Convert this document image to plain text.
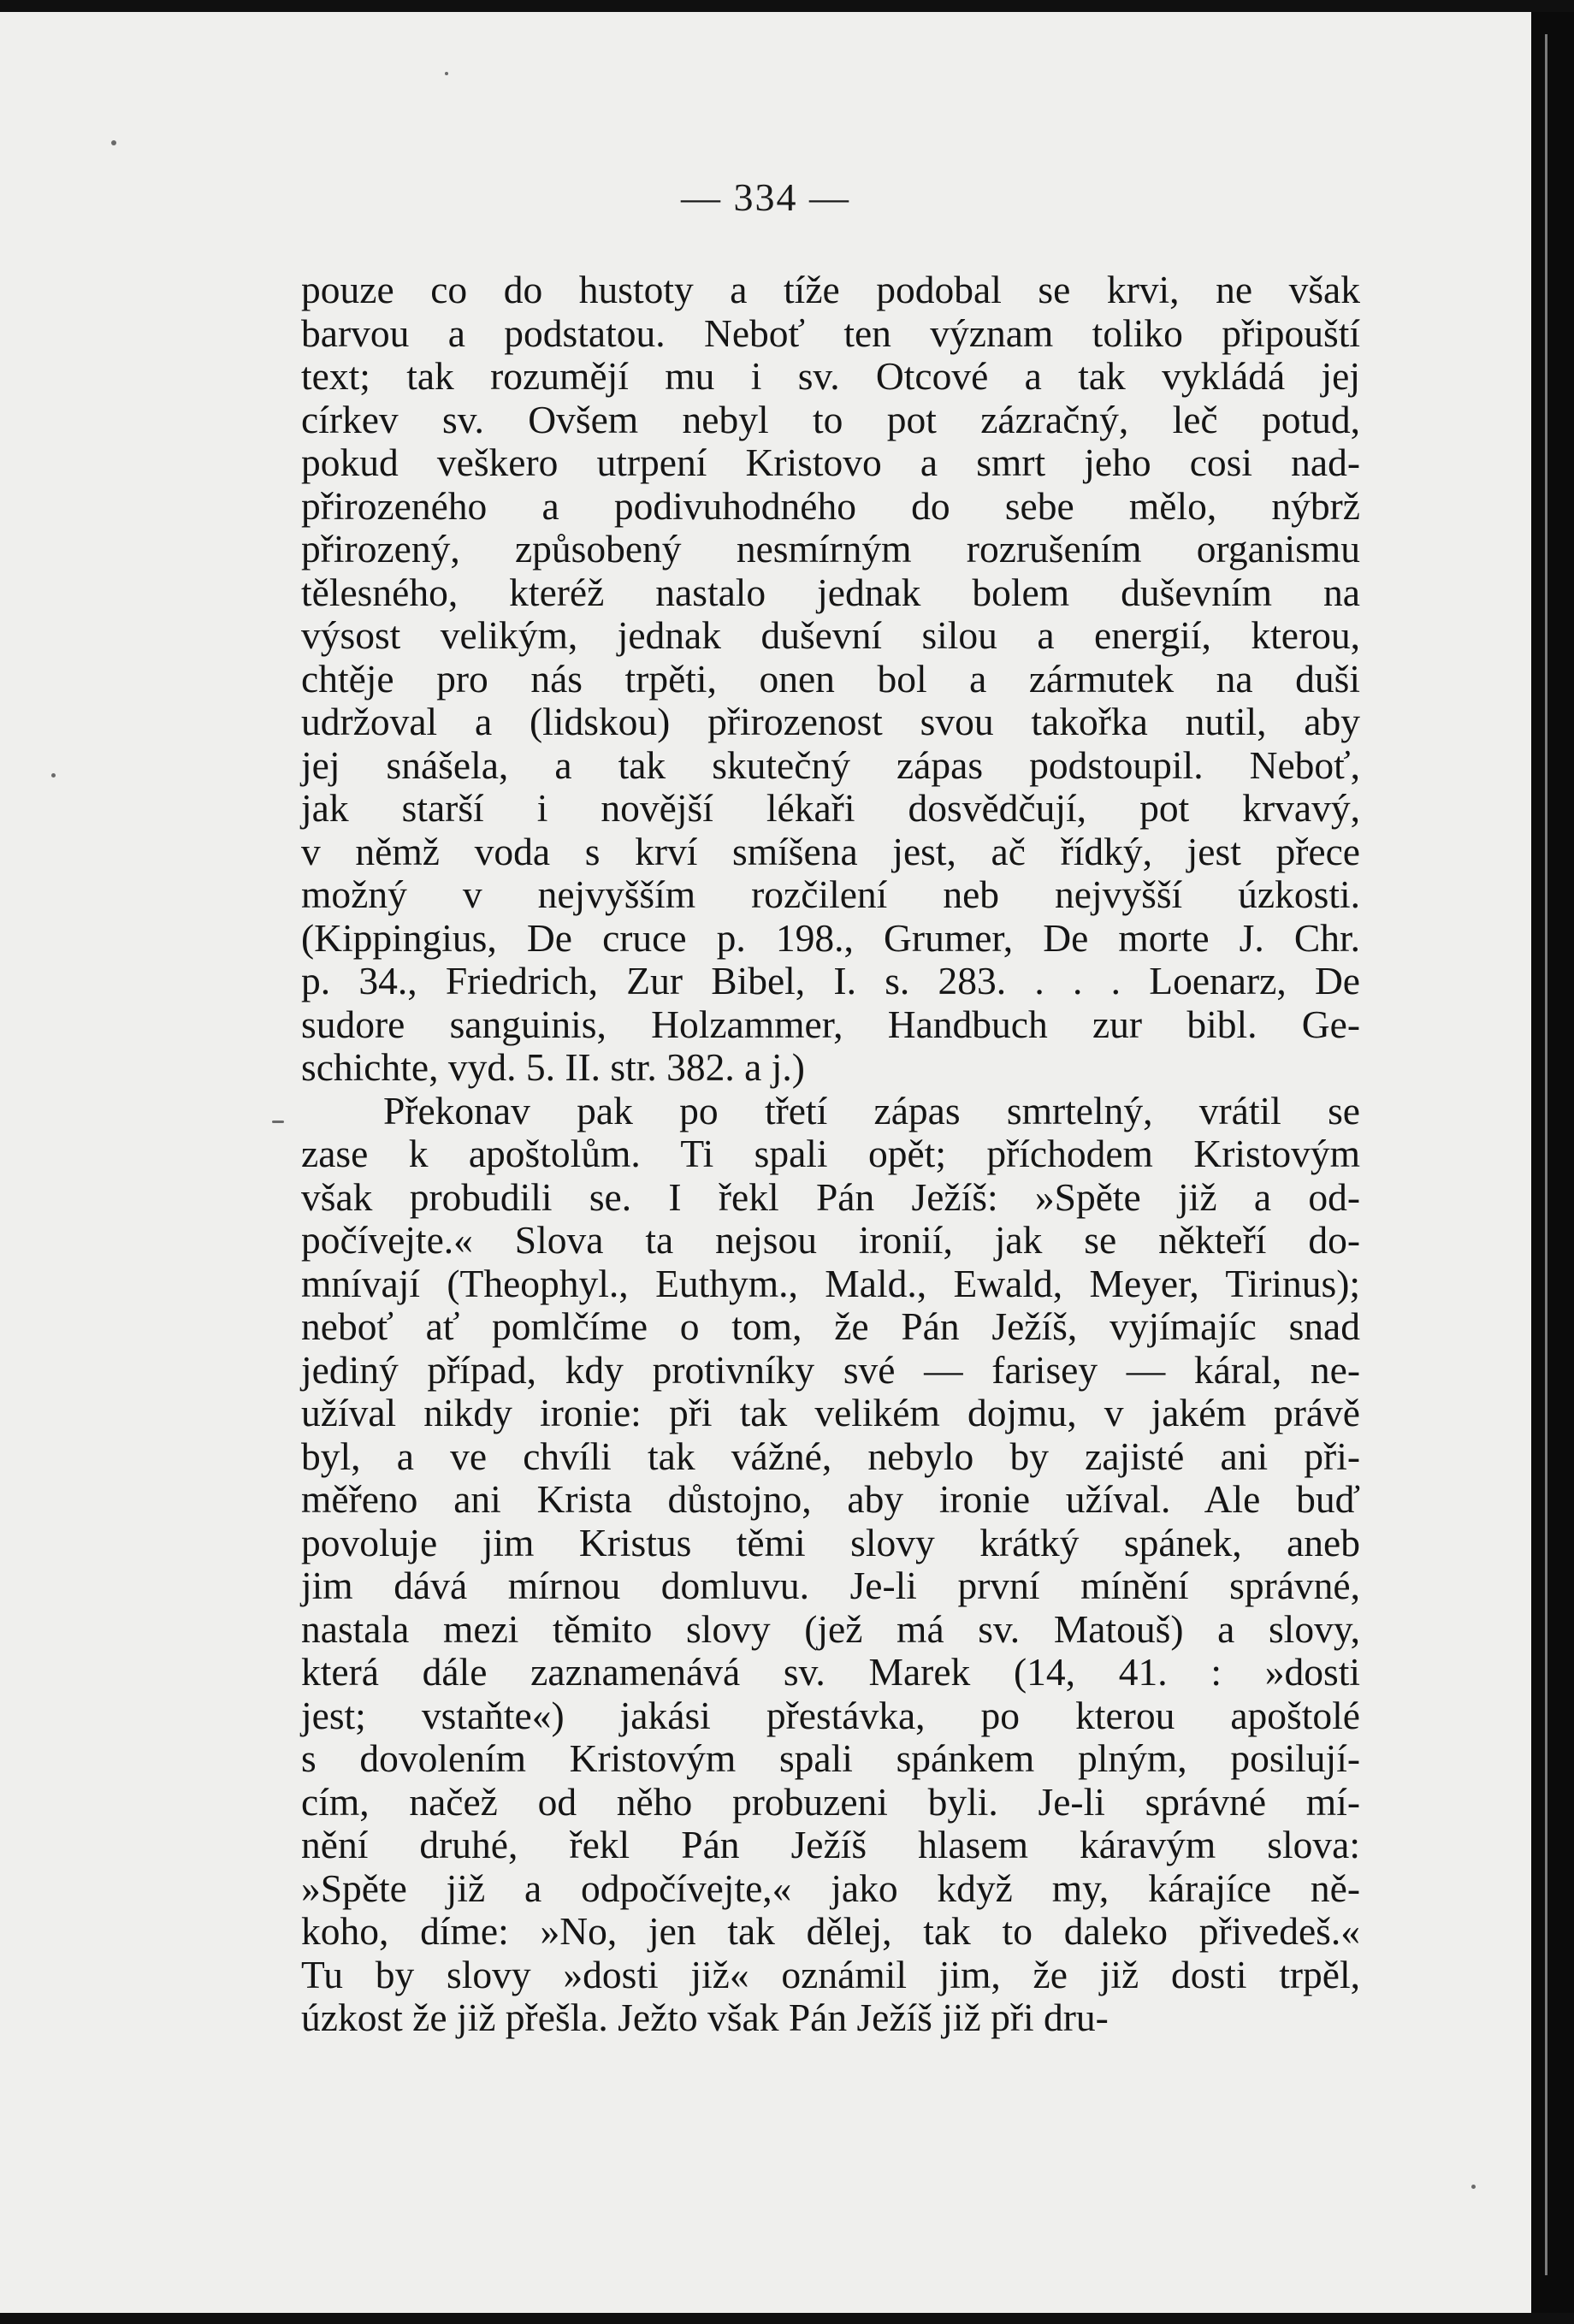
— 334 —
pouze co do hustoty a tíže podobal se krvi, ne však
barvou a podstatou. Neboť ten význam toliko připouští
text; tak rozumějí mu i sv. Otcové a tak vykládá jej
církev sv. Ovšem nebyl to pot zázračný, leč potud,
pokud veškero utrpení Kristovo a smrt jeho cosi nad-
přirozeného a podivuhodného do sebe mělo, nýbrž
přirozený, způsobený nesmírným rozrušením organismu
tělesného, kteréž nastalo jednak bolem duševním na
výsost velikým, jednak duševní silou a energií, kterou,
chtěje pro nás trpěti, onen bol a zármutek na duši
udržoval a (lidskou) přirozenost svou takořka nutil, aby
jej snášela, a tak skutečný zápas podstoupil. Neboť,
jak starší i novější lékaři dosvědčují, pot krvavý,
v němž voda s krví smíšena jest, ač řídký, jest přece
možný v nejvyšším rozčilení neb nejvyšší úzkosti.
(Kippingius, De cruce p. 198., Grumer, De morte J. Chr.
p. 34., Friedrich, Zur Bibel, I. s. 283. . . . Loenarz, De
sudore sanguinis, Holzammer, Handbuch zur bibl. Ge-
schichte, vyd. 5. II. str. 382. a j.)
Překonav pak po třetí zápas smrtelný, vrátil se
zase k apoštolům. Ti spali opět; příchodem Kristovým
však probudili se. I řekl Pán Ježíš: »Spěte již a od-
počívejte.« Slova ta nejsou ironií, jak se někteří do-
mnívají (Theophyl., Euthym., Mald., Ewald, Meyer, Tirinus);
neboť ať pomlčíme o tom, že Pán Ježíš, vyjímajíc snad
jediný případ, kdy protivníky své — farisey — káral, ne-
užíval nikdy ironie: při tak velikém dojmu, v jakém právě
byl, a ve chvíli tak vážné, nebylo by zajisté ani při-
měřeno ani Krista důstojno, aby ironie užíval. Ale buď
povoluje jim Kristus těmi slovy krátký spánek, aneb
jim dává mírnou domluvu. Je-li první mínění správné,
nastala mezi těmito slovy (jež má sv. Matouš) a slovy,
která dále zaznamenává sv. Marek (14, 41. : »dosti
jest; vstaňte«) jakási přestávka, po kterou apoštolé
s dovolením Kristovým spali spánkem plným, posilují-
cím, načež od něho probuzeni byli. Je-li správné mí-
nění druhé, řekl Pán Ježíš hlasem káravým slova:
»Spěte již a odpočívejte,« jako když my, kárajíce ně-
koho, díme: »No, jen tak dělej, tak to daleko přivedeš.«
Tu by slovy »dosti již« oznámil jim, že již dosti trpěl,
úzkost že již přešla. Ježto však Pán Ježíš již při dru-
